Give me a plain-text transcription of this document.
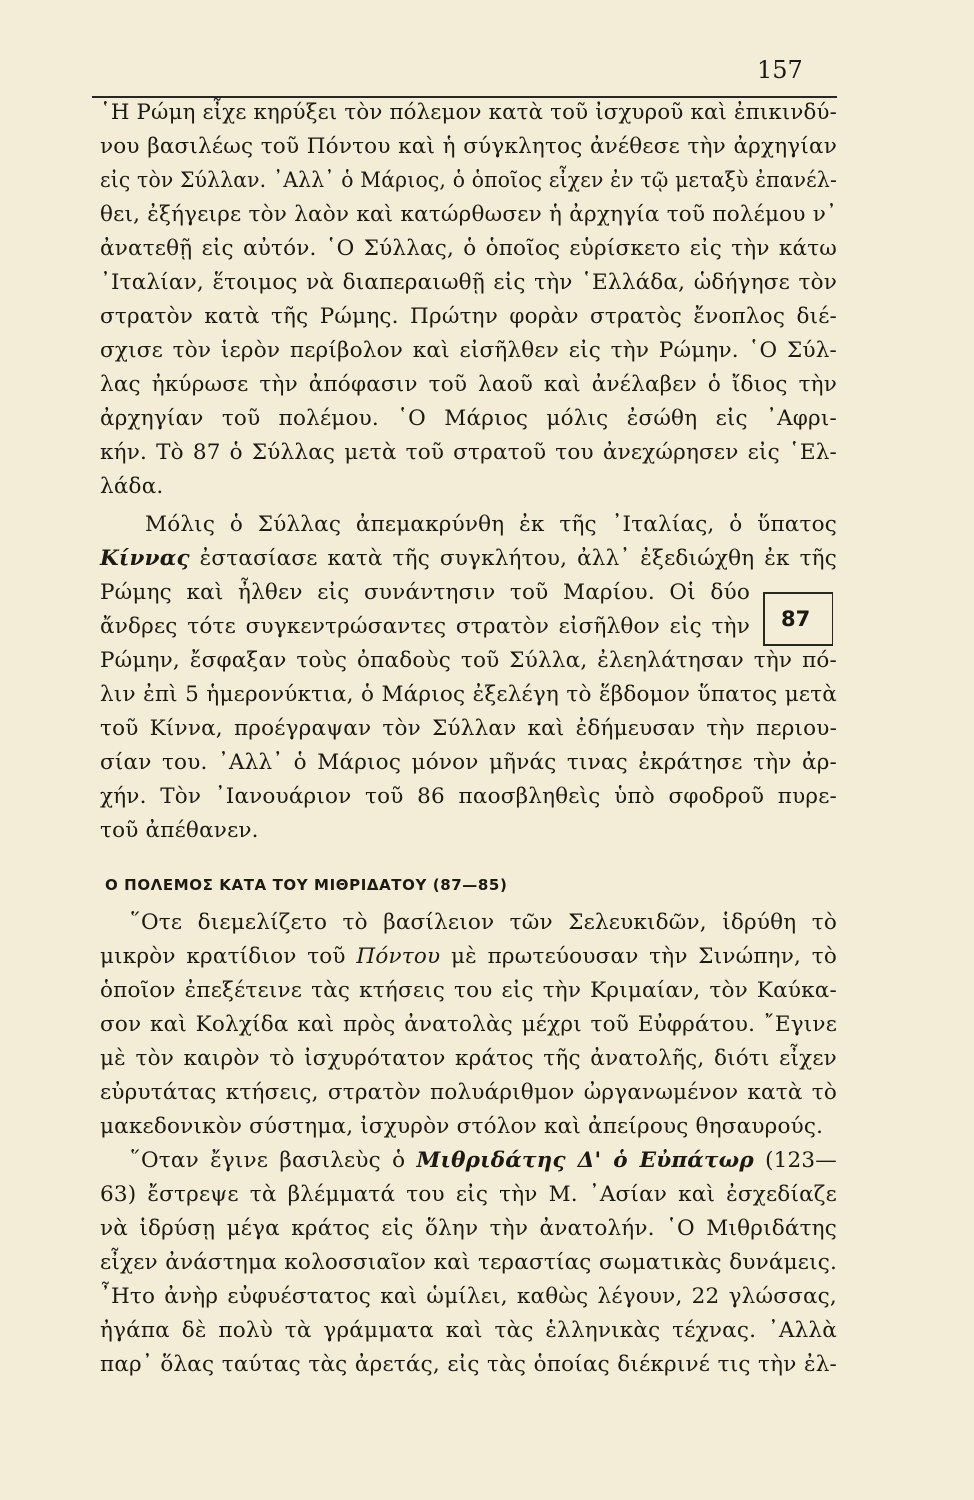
157
῾Η Ρώμη εἶχε κηρύξει τὸν πόλεμον κατὰ τοῦ ἰσχυροῦ καὶ ἐπικινδύ-
νου βασιλέως τοῦ Πόντου καὶ ἡ σύγκλητος ἀνέθεσε τὴν ἀρχηγίαν
εἰς τὸν Σύλλαν. ᾿Αλλ᾿ ὁ Μάριος, ὁ ὁποῖος εἶχεν ἐν τῷ μεταξὺ ἐπανέλ-
θει, ἐξήγειρε τὸν λαὸν καὶ κατώρθωσεν ἡ ἀρχηγία τοῦ πολέμου ν᾿
ἀνατεθῇ εἰς αὐτόν. ῾Ο Σύλλας, ὁ ὁποῖος εὑρίσκετο εἰς τὴν κάτω
᾿Ιταλίαν, ἕτοιμος νὰ διαπεραιωθῇ εἰς τὴν ῾Ελλάδα, ὡδήγησε τὸν
στρατὸν κατὰ τῆς Ρώμης. Πρώτην φορὰν στρατὸς ἔνοπλος διέ-
σχισε τὸν ἱερὸν περίβολον καὶ εἰσῆλθεν εἰς τὴν Ρώμην. ῾Ο Σύλ-
λας ἠκύρωσε τὴν ἀπόφασιν τοῦ λαοῦ καὶ ἀνέλαβεν ὁ ἴδιος τὴν
ἀρχηγίαν τοῦ πολέμου. ῾Ο Μάριος μόλις ἐσώθη εἰς ᾿Αφρι-
κήν. Τὸ 87 ὁ Σύλλας μετὰ τοῦ στρατοῦ του ἀνεχώρησεν εἰς ῾Ελ-
λάδα.
Μόλις ὁ Σύλλας ἀπεμακρύνθη ἐκ τῆς ᾿Ιταλίας, ὁ ὕπατος
Κίννας ἐστασίασε κατὰ τῆς συγκλήτου, ἀλλ᾿ ἐξεδιώχθη ἐκ τῆς
Ρώμης καὶ ἦλθεν εἰς συνάντησιν τοῦ Μαρίου. Οἱ δύο
ἄνδρες τότε συγκεντρώσαντες στρατὸν εἰσῆλθον εἰς τὴν
Ρώμην, ἔσφαξαν τοὺς ὀπαδοὺς τοῦ Σύλλα, ἐλεηλάτησαν τὴν πό-
λιν ἐπὶ 5 ἡμερονύκτια, ὁ Μάριος ἐξελέγη τὸ ἕβδομον ὕπατος μετὰ
τοῦ Κίννα, προέγραψαν τὸν Σύλλαν καὶ ἐδήμευσαν τὴν περιου-
σίαν του. ᾿Αλλ᾿ ὁ Μάριος μόνον μῆνάς τινας ἐκράτησε τὴν ἀρ-
χήν. Τὸν ᾿Ιανουάριον τοῦ 86 παοσβληθεὶς ὑπὸ σφοδροῦ πυρε-
τοῦ ἀπέθανεν.
῞Οτε διεμελίζετο τὸ βασίλειον τῶν Σελευκιδῶν, ἱδρύθη τὸ
μικρὸν κρατίδιον τοῦ Πόντου μὲ πρωτεύουσαν τὴν Σινώπην, τὸ
ὁποῖον ἐπεξέτεινε τὰς κτήσεις του εἰς τὴν Κριμαίαν, τὸν Καύκα-
σον καὶ Κολχίδα καὶ πρὸς ἀνατολὰς μέχρι τοῦ Εὐφράτου. ῎Εγινε
μὲ τὸν καιρὸν τὸ ἰσχυρότατον κράτος τῆς ἀνατολῆς, διότι εἶχεν
εὐρυτάτας κτήσεις, στρατὸν πολυάριθμον ὠργανωμένον κατὰ τὸ
μακεδονικὸν σύστημα, ἰσχυρὸν στόλον καὶ ἀπείρους θησαυρούς.
῞Οταν ἔγινε βασιλεὺς ὁ Μιθριδάτης Δ' ὁ Εὐπάτωρ (123—
63) ἔστρεψε τὰ βλέμματά του εἰς τὴν Μ. ᾿Ασίαν καὶ ἐσχεδίαζε
νὰ ἱδρύσῃ μέγα κράτος εἰς ὅλην τὴν ἀνατολήν. ῾Ο Μιθριδάτης
εἶχεν ἀνάστημα κολοσσιαῖον καὶ τεραστίας σωματικὰς δυνάμεις.
῏Ητο ἀνὴρ εὐφυέστατος καὶ ὡμίλει, καθὼς λέγουν, 22 γλώσσας,
ἠγάπα δὲ πολὺ τὰ γράμματα καὶ τὰς ἑλληνικὰς τέχνας. ᾿Αλλὰ
παρ᾿ ὅλας ταύτας τὰς ἀρετάς, εἰς τὰς ὁποίας διέκρινέ τις τὴν ἐλ-
Ο ΠΟΛΕΜΟΣ ΚΑΤΑ ΤΟΥ ΜΙΘΡΙΔΑΤΟΥ (87—85)
87
